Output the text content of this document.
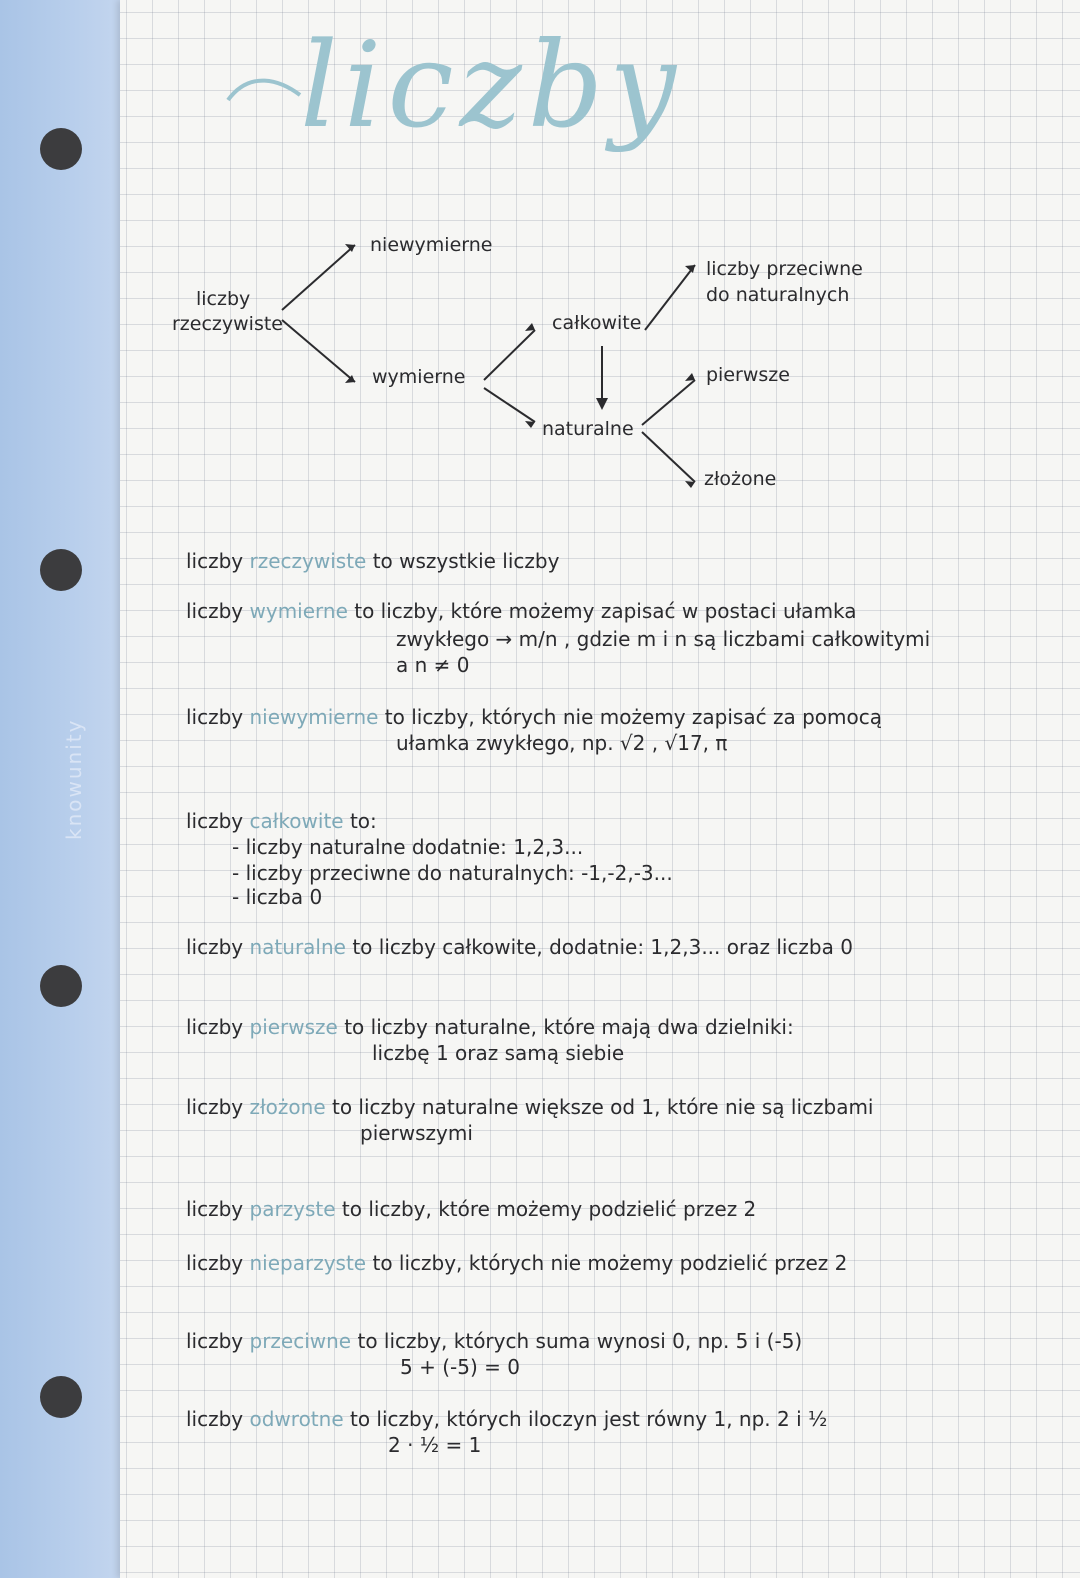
knowunity
liczby
liczby
rzeczywiste
niewymierne
wymierne
całkowite
naturalne
liczby przeciwne
do naturalnych
pierwsze
złożone
liczby rzeczywiste to wszystkie liczby
liczby wymierne to liczby, które możemy zapisać w postaci ułamka
zwykłego → m/n , gdzie m i n są liczbami całkowitymi
a n ≠ 0
liczby niewymierne to liczby, których nie możemy zapisać za pomocą
ułamka zwykłego, np. √2 , √17, π
liczby całkowite to:
- liczby naturalne dodatnie: 1,2,3...
- liczby przeciwne do naturalnych: -1,-2,-3...
- liczba 0
liczby naturalne to liczby całkowite, dodatnie: 1,2,3... oraz liczba 0
liczby pierwsze to liczby naturalne, które mają dwa dzielniki:
liczbę 1 oraz samą siebie
liczby złożone to liczby naturalne większe od 1, które nie są liczbami
pierwszymi
liczby parzyste to liczby, które możemy podzielić przez 2
liczby nieparzyste to liczby, których nie możemy podzielić przez 2
liczby przeciwne to liczby, których suma wynosi 0, np. 5 i (-5)
5 + (-5) = 0
liczby odwrotne to liczby, których iloczyn jest równy 1, np. 2 i ½
2 · ½ = 1
